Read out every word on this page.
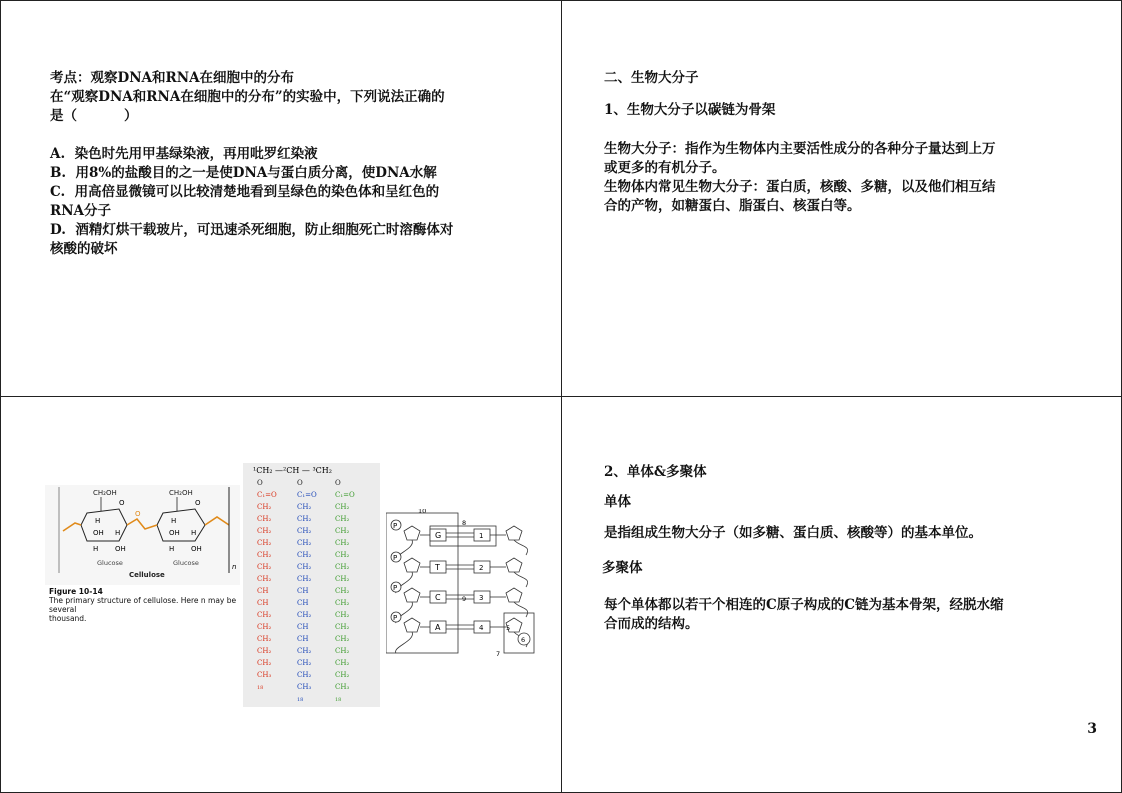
考点：观察DNA和RNA在细胞中的分布
在“观察DNA和RNA在细胞中的分布”的实验中，下列说法正确的
是（          ）
A.  染色时先用甲基绿染液，再用吡罗红染液
B.  用8%的盐酸目的之一是使DNA与蛋白质分离，使DNA水解
C.  用高倍显微镜可以比较清楚地看到呈绿色的染色体和呈红色的
RNA分子
D.  酒精灯烘干载玻片，可迅速杀死细胞，防止细胞死亡时溶酶体对
核酸的破坏
二、生物大分子
1、生物大分子以碳链为骨架
生物大分子：指作为生物体内主要活性成分的各种分子量达到上万
或更多的有机分子。
生物体内常见生物大分子：蛋白质，核酸、多糖，以及他们相互结
合的产物，如糖蛋白、脂蛋白、核蛋白等。
O
CH₂OH	CH₂OH
O	O
H
OH H
H
OH H
H OH	H OH
Glucose	Glucose
Cellulose
n
Figure 10-14
The primary structure of cellulose. Here n may be several
thousand.
¹CH₂ —²CH — ³CH₂
O
C₁=O
CH₂
CH₂
CH₂
CH₂
CH₂
CH₂
CH₂
CH
CH
CH₂
CH₂
CH₂
CH₂
CH₂
CH₃
18
O
C₁=O
CH₂
CH₂
CH₂
CH₂
CH₂
CH₂
CH₂
CH
CH
CH₂
CH
CH
CH₂
CH₂
CH₂
CH₃
18
O
C₁=O
CH₂
CH₂
CH₂
CH₂
CH₂
CH₂
CH₂
CH₂
CH₂
CH₂
CH₂
CH₂
CH₂
CH₂
CH₂
CH₃
18
P
G	1
P
T	2
P
C	3
P
A	4
10
8
9
5
6
7
2、单体&多聚体
单体
是指组成生物大分子（如多糖、蛋白质、核酸等）的基本单位。
多聚体
每个单体都以若干个相连的C原子构成的C链为基本骨架，经脱水缩
合而成的结构。
3
